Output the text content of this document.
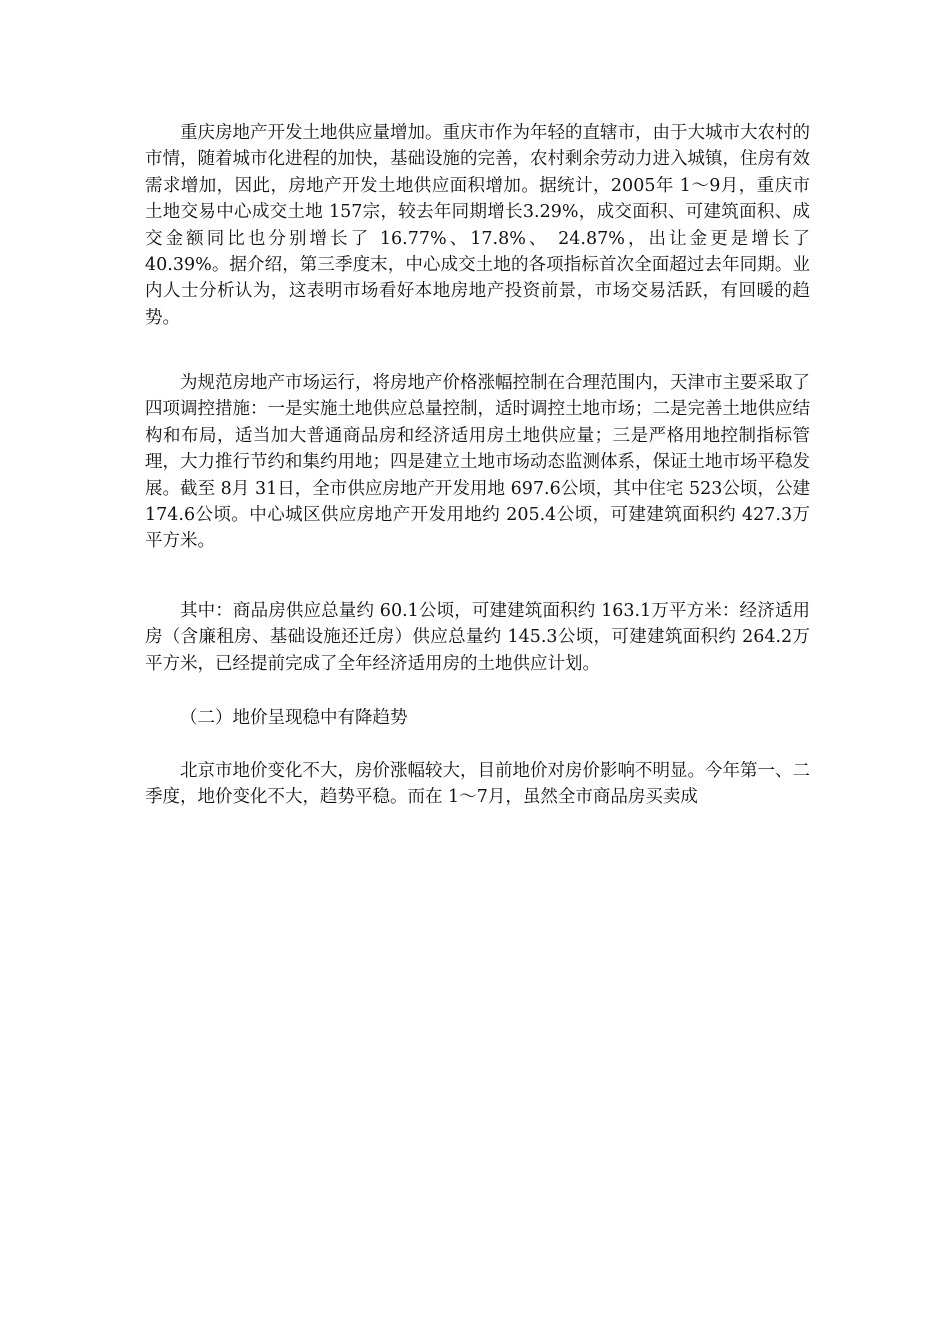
重庆房地产开发土地供应量增加。重庆市作为年轻的直辖市，由于大城市大农村的市情，随着城市化进程的加快，基础设施的完善，农村剩余劳动力进入城镇，住房有效需求增加，因此，房地产开发土地供应面积增加。据统计，2005年 1～9月，重庆市土地交易中心成交土地 157宗，较去年同期增长3.29%，成交面积、可建筑面积、成交金额同比也分别增长了 16.77%、17.8%、 24.87%，出让金更是增长了 40.39%。据介绍，第三季度末，中心成交土地的各项指标首次全面超过去年同期。业内人士分析认为，这表明市场看好本地房地产投资前景，市场交易活跃，有回暖的趋势。

为规范房地产市场运行，将房地产价格涨幅控制在合理范围内，天津市主要采取了四项调控措施：一是实施土地供应总量控制，适时调控土地市场；二是完善土地供应结构和布局，适当加大普通商品房和经济适用房土地供应量；三是严格用地控制指标管理，大力推行节约和集约用地；四是建立土地市场动态监测体系，保证土地市场平稳发展。截至 8月 31日，全市供应房地产开发用地 697.6公顷，其中住宅 523公顷，公建 174.6公顷。中心城区供应房地产开发用地约 205.4公顷，可建建筑面积约 427.3万平方米。

其中：商品房供应总量约 60.1公顷，可建建筑面积约 163.1万平方米：经济适用房（含廉租房、基础设施还迁房）供应总量约 145.3公顷，可建建筑面积约 264.2万平方米，已经提前完成了全年经济适用房的土地供应计划。

（二）地价呈现稳中有降趋势

北京市地价变化不大，房价涨幅较大，目前地价对房价影响不明显。今年第一、二季度，地价变化不大，趋势平稳。而在 1～7月，虽然全市商品房买卖成
